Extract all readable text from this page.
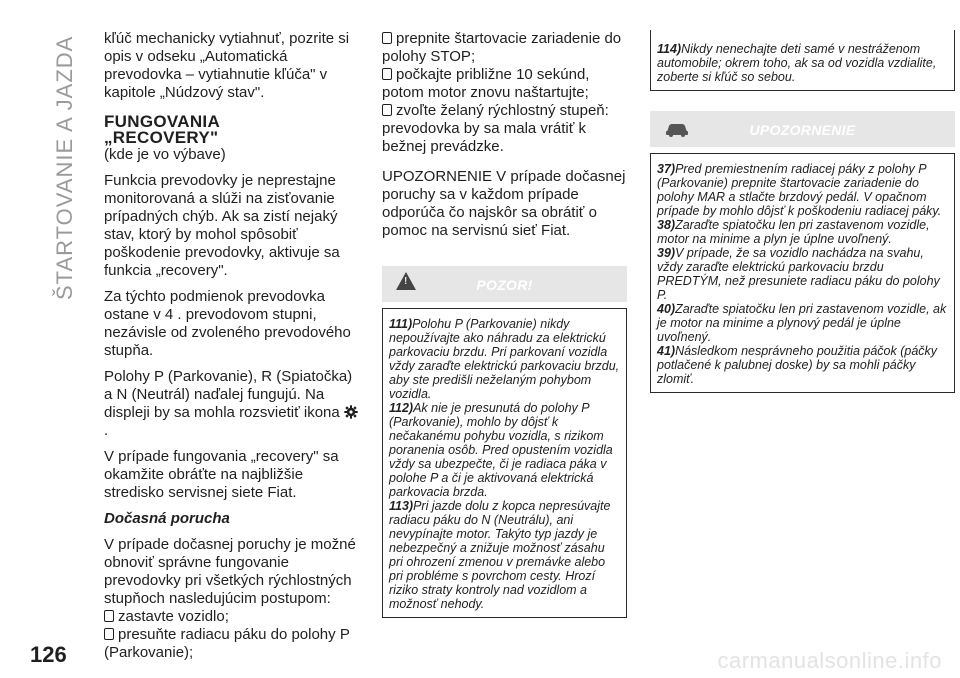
ŠTARTOVANIE A JAZDA kľúč mechanicky vytiahnuť, pozrite si opis v odseku „Automatická prevodovka – vytiahnutie kľúča" v kapitole „Núdzový stav".

FUNGOVANIA
„RECOVERY"

(kde je vo výbave)

Funkcia prevodovky je neprestajne monitorovaná a slúži na zisťovanie prípadných chýb. Ak sa zistí nejaký stav, ktorý by mohol spôsobiť poškodenie prevodovky, aktivuje sa funkcia „recovery".

Za týchto podmienok prevodovka ostane v 4 . prevodovom stupni, nezávisle od zvoleného prevodového stupňa.

Polohy P (Parkovanie), R (Spiatočka) a N (Neutrál) naďalej fungujú. Na displeji by sa mohla rozsvietiť ikona  .

V prípade fungovania „recovery" sa okamžite obráťte na najbližšie stredisko servisnej siete Fiat.

Dočasná porucha

V prípade dočasnej poruchy je možné obnoviť správne fungovanie prevodovky pri všetkých rýchlostných stupňoch nasledujúcim postupom:

zastavte vozidlo;
presuňte radiacu páku do polohy P (Parkovanie);
prepnite štartovacie zariadenie do polohy STOP;
počkajte približne 10 sekúnd, potom motor znovu naštartujte;
zvoľte želaný rýchlostný stupeň:

prevodovka by sa mala vrátiť k bežnej prevádzke.

UPOZORNENIE V prípade dočasnej poruchy sa v každom prípade odporúča čo najskôr sa obrátiť o pomoc na servisnú sieť Fiat.

!	POZOR!

111)Polohu P (Parkovanie) nikdy nepoužívajte ako náhradu za elektrickú parkovaciu brzdu. Pri parkovaní vozidla vždy zaraďte elektrickú parkovaciu brzdu, aby ste predišli neželaným pohybom vozidla.

112)Ak nie je presunutá do polohy P (Parkovanie), mohlo by dôjsť k nečakanému pohybu vozidla, s rizikom poranenia osôb. Pred opustením vozidla vždy sa ubezpečte, či je radiaca páka v polohe P a či je aktivovaná elektrická parkovacia brzda.

113)Pri jazde dolu z kopca nepresúvajte radiacu páku do N (Neutrálu), ani nevypínajte motor. Takýto typ jazdy je nebezpečný a znižuje možnosť zásahu pri ohrození zmenou v premávke alebo pri probléme s povrchom cesty. Hrozí riziko straty kontroly nad vozidlom a možnosť nehody.

114)Nikdy nenechajte deti samé v nestráženom automobile; okrem toho, ak sa od vozidla vzdialite, zoberte si kľúč so sebou.

UPOZORNENIE

37)Pred premiestnením radiacej páky z polohy P (Parkovanie) prepnite štartovacie zariadenie do polohy MAR a stlačte brzdový pedál. V opačnom prípade by mohlo dôjsť k poškodeniu radiacej páky.

38)Zaraďte spiatočku len pri zastavenom vozidle, motor na minime a plyn je úplne uvoľnený.

39)V prípade, že sa vozidlo nachádza na svahu, vždy zaraďte elektrickú parkovaciu brzdu PREDTÝM, než presuniete radiacu páku do polohy P.

40)Zaraďte spiatočku len pri zastavenom vozidle, ak je motor na minime a plynový pedál je úplne uvoľnený.

41)Následkom nesprávneho použitia páčok (páčky potlačené k palubnej doske) by sa mohli páčky zlomiť.

126	carmanualsonline.info
